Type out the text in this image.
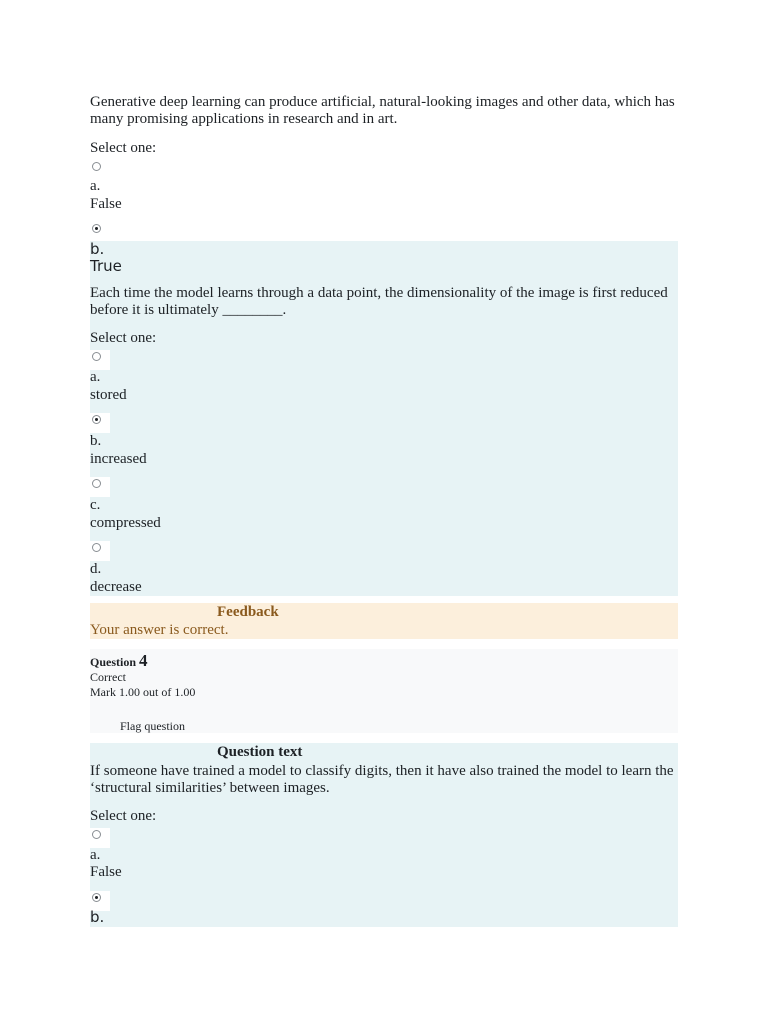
Generative deep learning can produce artificial, natural-looking images and other data, which has many promising applications in research and in art.

Select one:
a.
False
b.
True

Each time the model learns through a data point, the dimensionality of the image is first reduced before it is ultimately ________.

Select one:
a.
stored
b.
increased
c.
compressed
d.
decrease
Feedback
Your answer is correct.
Question 4
Correct
Mark 1.00 out of 1.00
Flag question
Question text

If someone have trained a model to classify digits, then it have also trained the model to learn the ‘structural similarities’ between images.

Select one:
a.
False
b.
